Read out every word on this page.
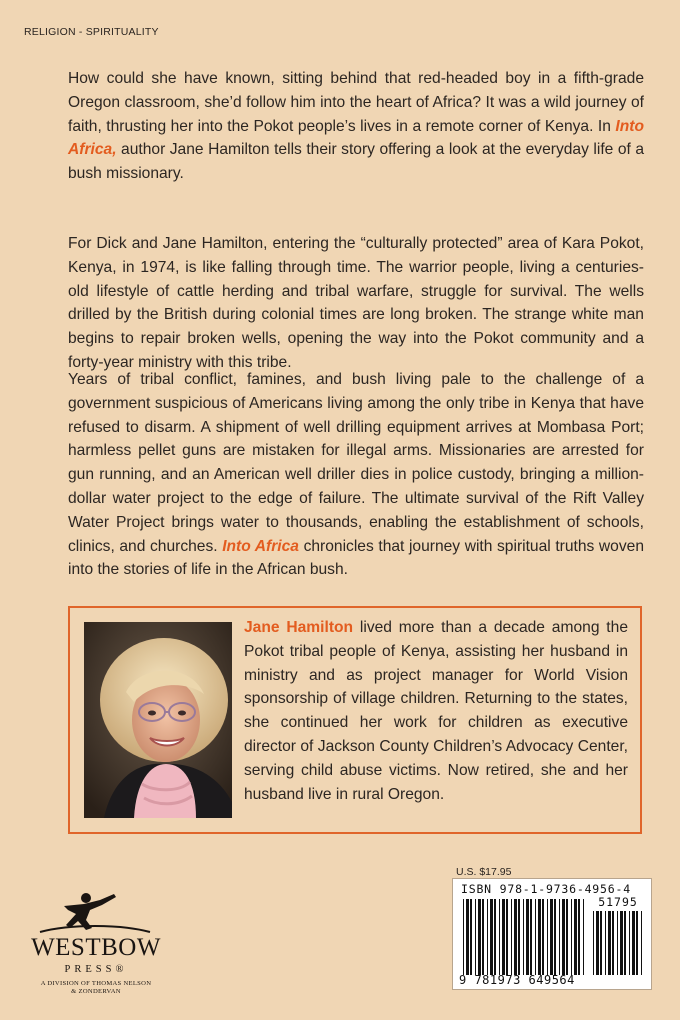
RELIGION - SPIRITUALITY

How could she have known, sitting behind that red-headed boy in a fifth-grade Oregon classroom, she’d follow him into the heart of Africa? It was a wild journey of faith, thrusting her into the Pokot people’s lives in a remote corner of Kenya. In Into Africa, author Jane Hamilton tells their story offering a look at the everyday life of a bush missionary.

For Dick and Jane Hamilton, entering the “culturally protected” area of Kara Pokot, Kenya, in 1974, is like falling through time. The warrior people, living a centuries-old lifestyle of cattle herding and tribal warfare, struggle for survival. The wells drilled by the British during colonial times are long broken. The strange white man begins to repair broken wells, opening the way into the Pokot community and a forty-year ministry with this tribe.

Years of tribal conflict, famines, and bush living pale to the challenge of a government suspicious of Americans living among the only tribe in Kenya that have refused to disarm. A shipment of well drilling equipment arrives at Mombasa Port; harmless pellet guns are mistaken for illegal arms. Missionaries are arrested for gun running, and an American well driller dies in police custody, bringing a million-dollar water project to the edge of failure. The ultimate survival of the Rift Valley Water Project brings water to thousands, enabling the establishment of schools, clinics, and churches. Into Africa chronicles that journey with spiritual truths woven into the stories of life in the African bush.

Jane Hamilton lived more than a decade among the Pokot tribal people of Kenya, assisting her husband in ministry and as project manager for World Vision sponsorship of village children. Returning to the states, she continued her work for children as executive director of Jackson County Children’s Advocacy Center, serving child abuse victims. Now retired, she and her husband live in rural Oregon.

U.S. $17.95
ISBN 978-1-9736-4956-4
51795
9 781973 649564
WESTBOW
PRESS®
A DIVISION OF THOMAS NELSON
& ZONDERVAN
